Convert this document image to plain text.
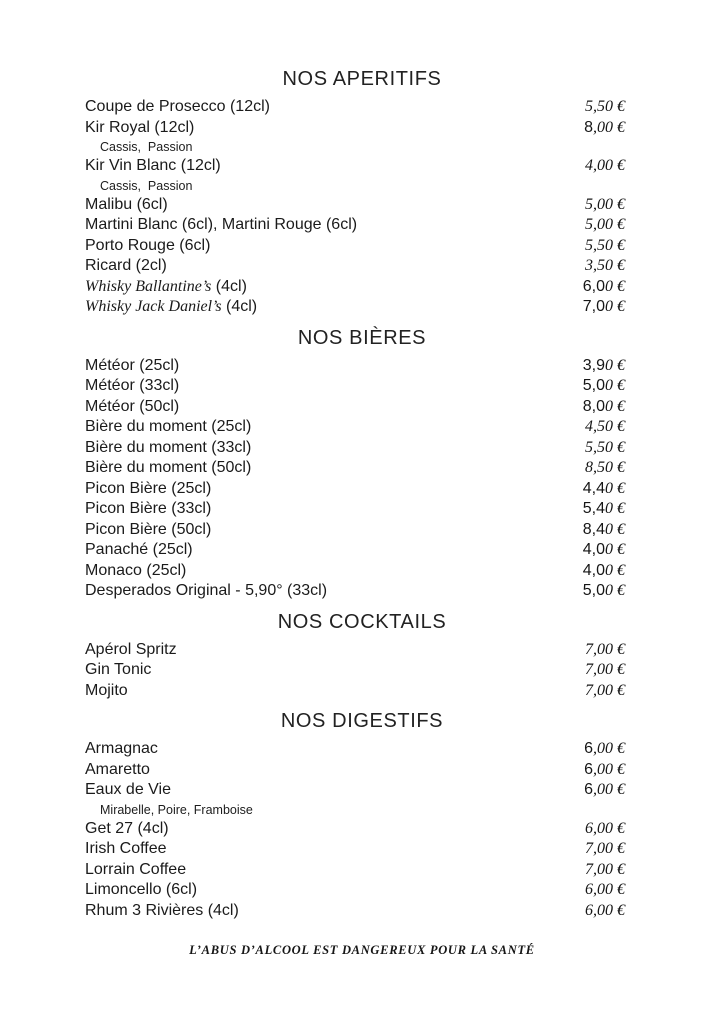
NOS APERITIFS
Coupe de Prosecco (12cl)	5,50 €
Kir Royal (12cl)	8,00 €
Cassis,  Passion
Kir Vin Blanc (12cl)	4,00 €
Cassis,  Passion
Malibu (6cl)	5,00 €
Martini Blanc (6cl), Martini Rouge (6cl)	5,00 €
Porto Rouge (6cl)	5,50 €
Ricard (2cl)	3,50 €
Whisky Ballantine’s (4cl)	6,00 €
Whisky Jack Daniel’s (4cl)	7,00 €
NOS BIÈRES
Météor (25cl)	3,90 €
Météor (33cl)	5,00 €
Météor (50cl)	8,00 €
Bière du moment (25cl)	4,50 €
Bière du moment (33cl)	5,50 €
Bière du moment (50cl)	8,50 €
Picon Bière (25cl)	4,40 €
Picon Bière (33cl)	5,40 €
Picon Bière (50cl)	8,40 €
Panaché (25cl)	4,00 €
Monaco (25cl)	4,00 €
Desperados Original - 5,90° (33cl)	5,00 €
NOS COCKTAILS
Apérol Spritz	7,00 €
Gin Tonic	7,00 €
Mojito	7,00 €
NOS DIGESTIFS
Armagnac	6,00 €
Amaretto	6,00 €
Eaux de Vie	6,00 €
Mirabelle, Poire, Framboise
Get 27 (4cl)	6,00 €
Irish Coffee	7,00 €
Lorrain Coffee	7,00 €
Limoncello (6cl)	6,00 €
Rhum 3 Rivières (4cl)	6,00 €
L’ABUS D’ALCOOL EST DANGEREUX POUR LA SANTÉ
